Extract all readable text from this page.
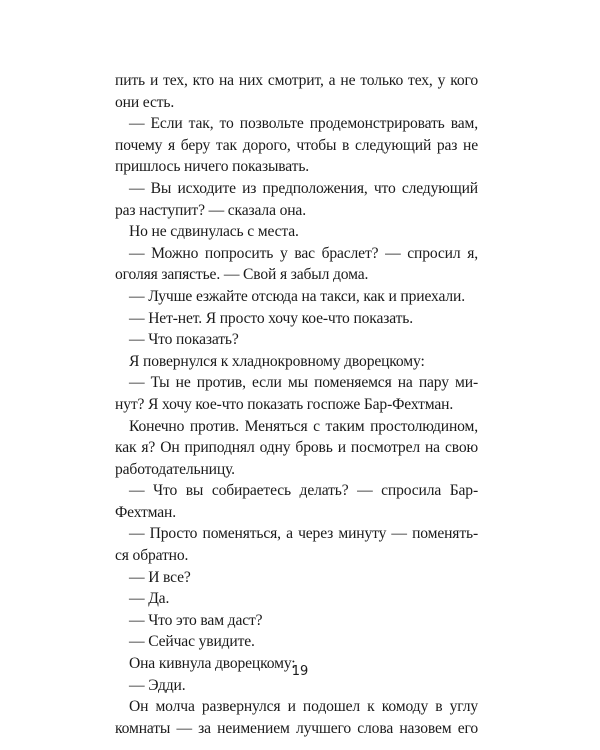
пить и тех, кто на них смотрит, а не только тех, у кого
они есть.
— Если так, то позвольте продемонстрировать вам,
почему я беру так дорого, чтобы в следующий раз не
пришлось ничего показывать.
— Вы исходите из предположения, что следующий
раз наступит? — сказала она.
Но не сдвинулась с места.
— Можно попросить у вас браслет? — спросил я,
оголяя запястье. — Свой я забыл дома.
— Лучше езжайте отсюда на такси, как и приехали.
— Нет-нет. Я просто хочу кое-что показать.
— Что показать?
Я повернулся к хладнокровному дворецкому:
— Ты не против, если мы поменяемся на пару ми-
нут? Я хочу кое-что показать госпоже Бар-Фехтман.
Конечно против. Меняться с таким простолюдином,
как я? Он приподнял одну бровь и посмотрел на свою
работодательницу.
— Что вы собираетесь делать? — спросила Бар-
Фехтман.
— Просто поменяться, а через минуту — поменять-
ся обратно.
— И все?
— Да.
— Что это вам даст?
— Сейчас увидите.
Она кивнула дворецкому:
— Эдди.
Он молча развернулся и подошел к комоду в углу
комнаты — за неимением лучшего слова назовем его
19
